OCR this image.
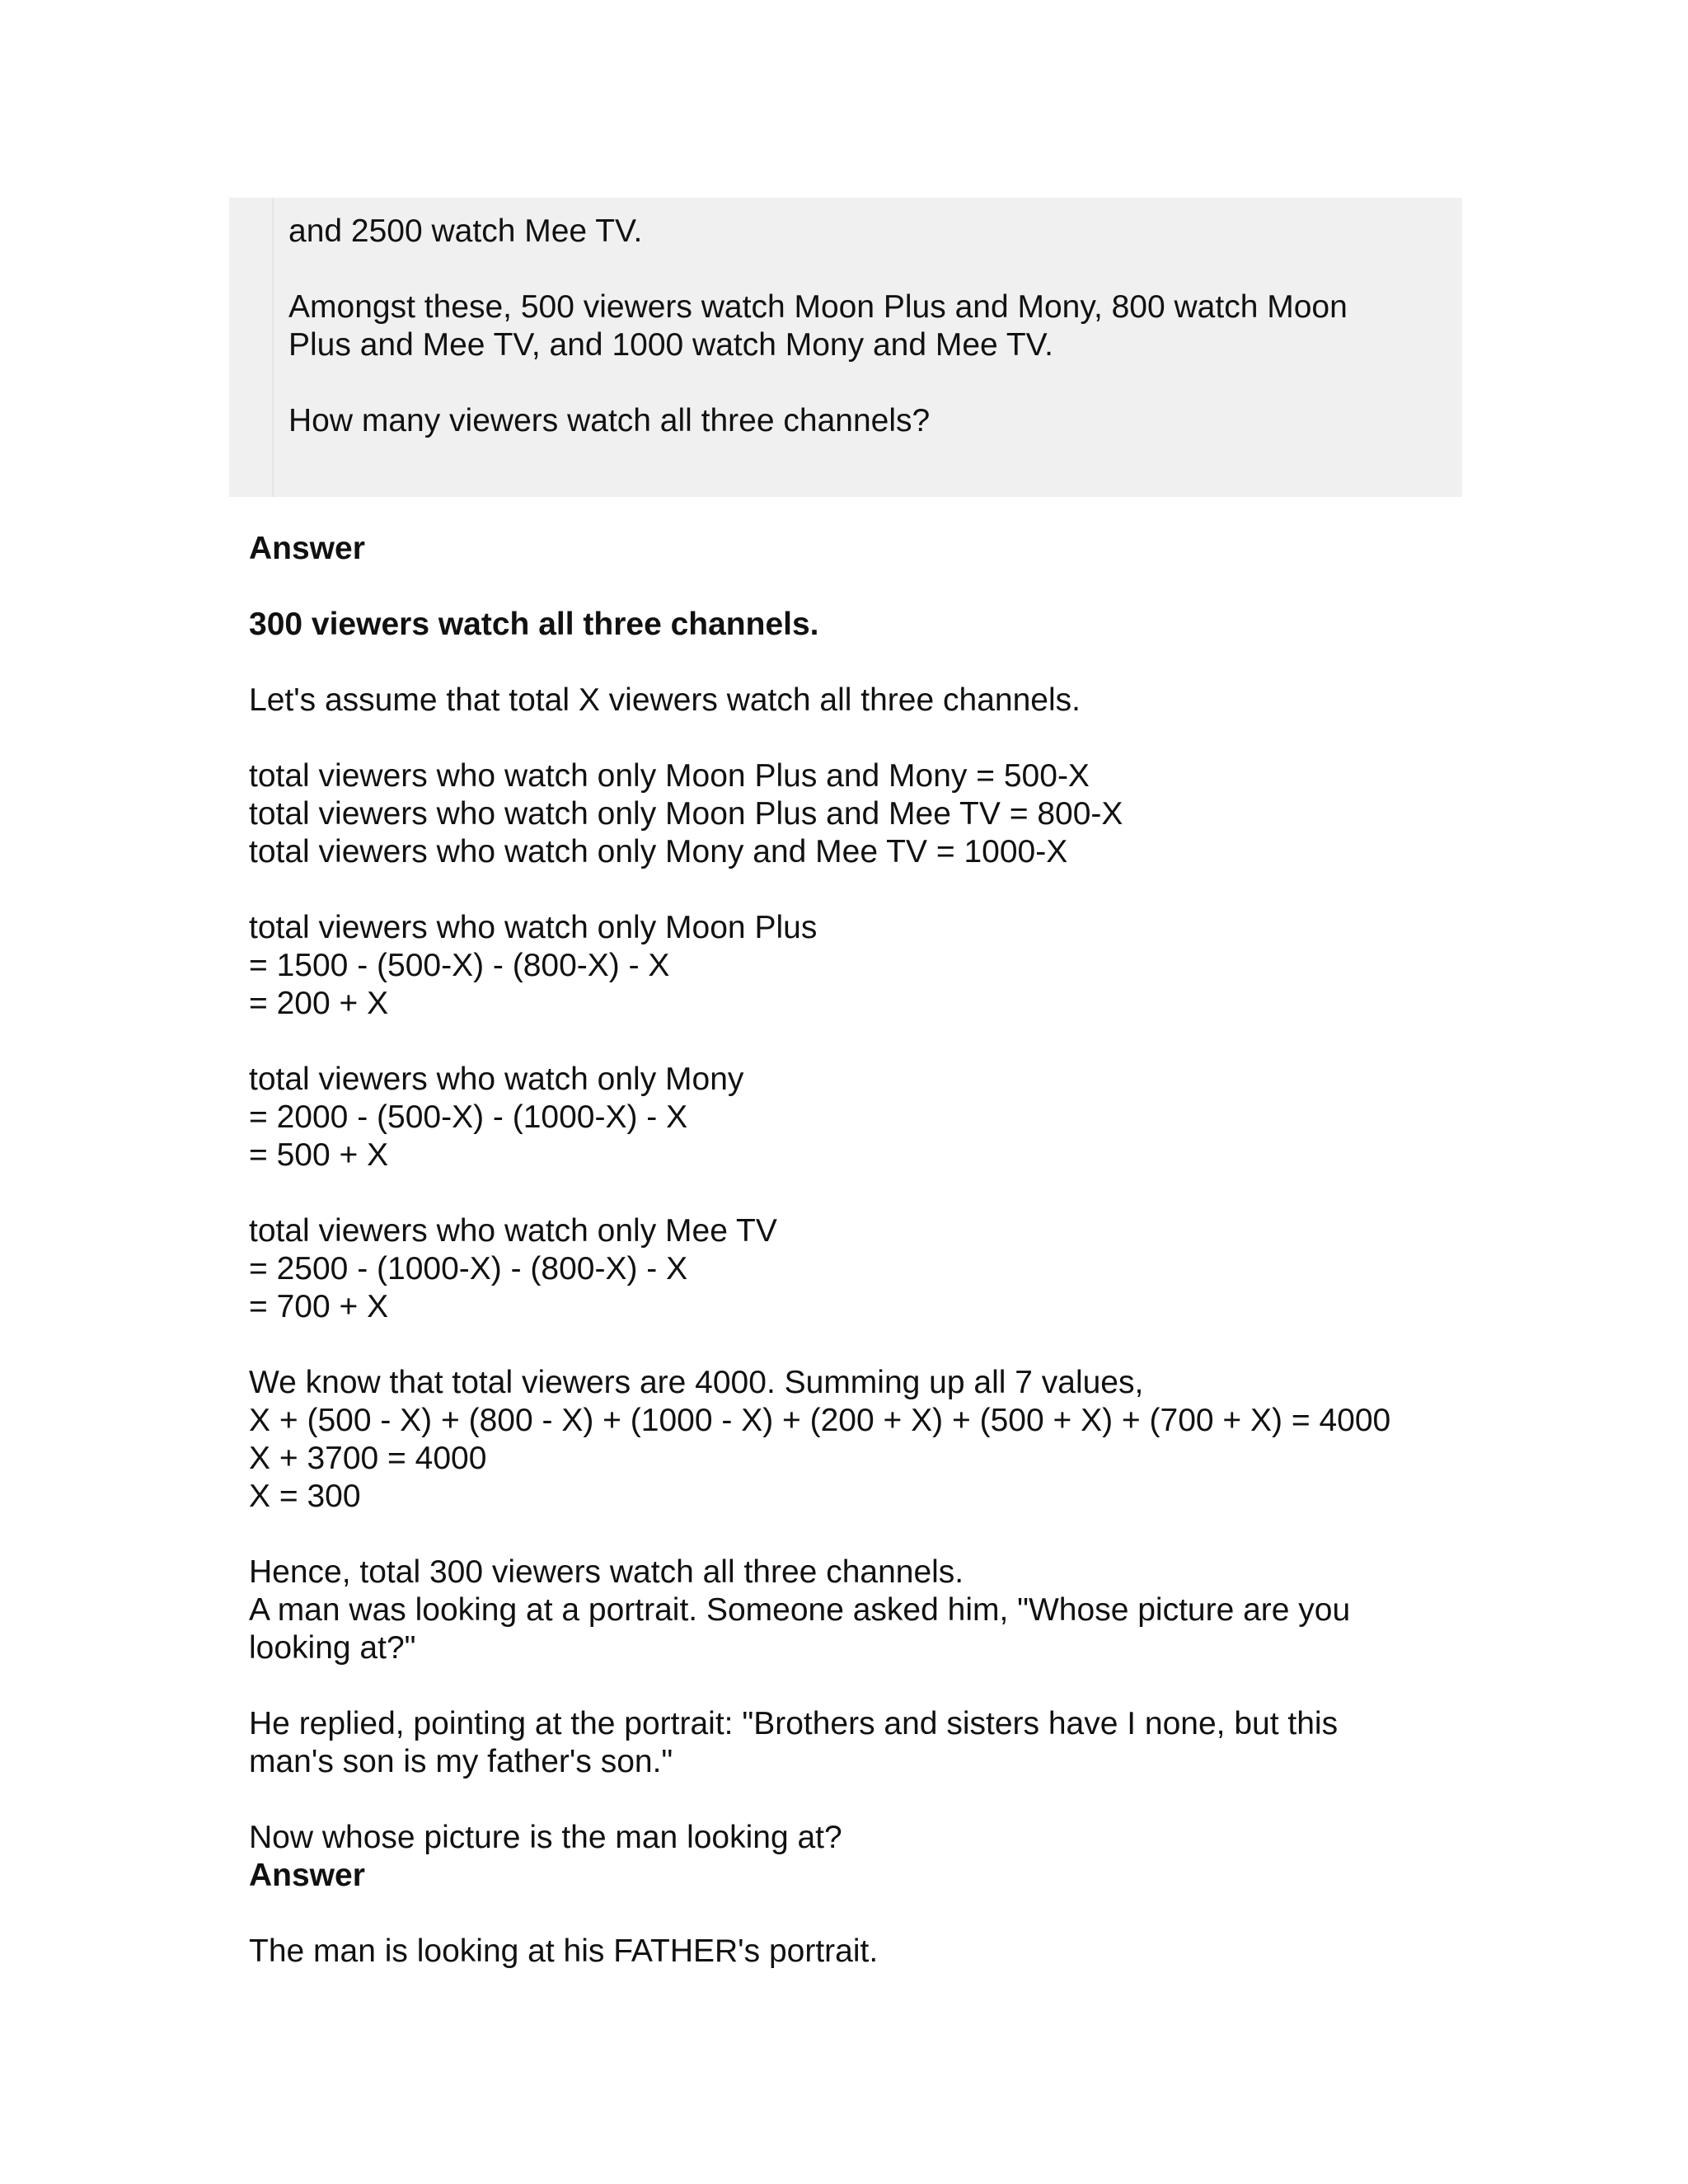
and 2500 watch Mee TV.

Amongst these, 500 viewers watch Moon Plus and Mony, 800 watch Moon

Plus and Mee TV, and 1000 watch Mony and Mee TV.

How many viewers watch all three channels?

Answer

300 viewers watch all three channels.

Let's assume that total X viewers watch all three channels.

total viewers who watch only Moon Plus and Mony = 500-X

total viewers who watch only Moon Plus and Mee TV = 800-X

total viewers who watch only Mony and Mee TV = 1000-X

total viewers who watch only Moon Plus

= 1500 - (500-X) - (800-X) - X

= 200 + X

total viewers who watch only Mony

= 2000 - (500-X) - (1000-X) - X

= 500 + X

total viewers who watch only Mee TV

= 2500 - (1000-X) - (800-X) - X

= 700 + X

We know that total viewers are 4000. Summing up all 7 values,

X + (500 - X) + (800 - X) + (1000 - X) + (200 + X) + (500 + X) + (700 + X) = 4000

X + 3700 = 4000

X = 300

Hence, total 300 viewers watch all three channels.

A man was looking at a portrait. Someone asked him, "Whose picture are you

looking at?"

He replied, pointing at the portrait: "Brothers and sisters have I none, but this

man's son is my father's son."

Now whose picture is the man looking at?

Answer

The man is looking at his FATHER's portrait.
